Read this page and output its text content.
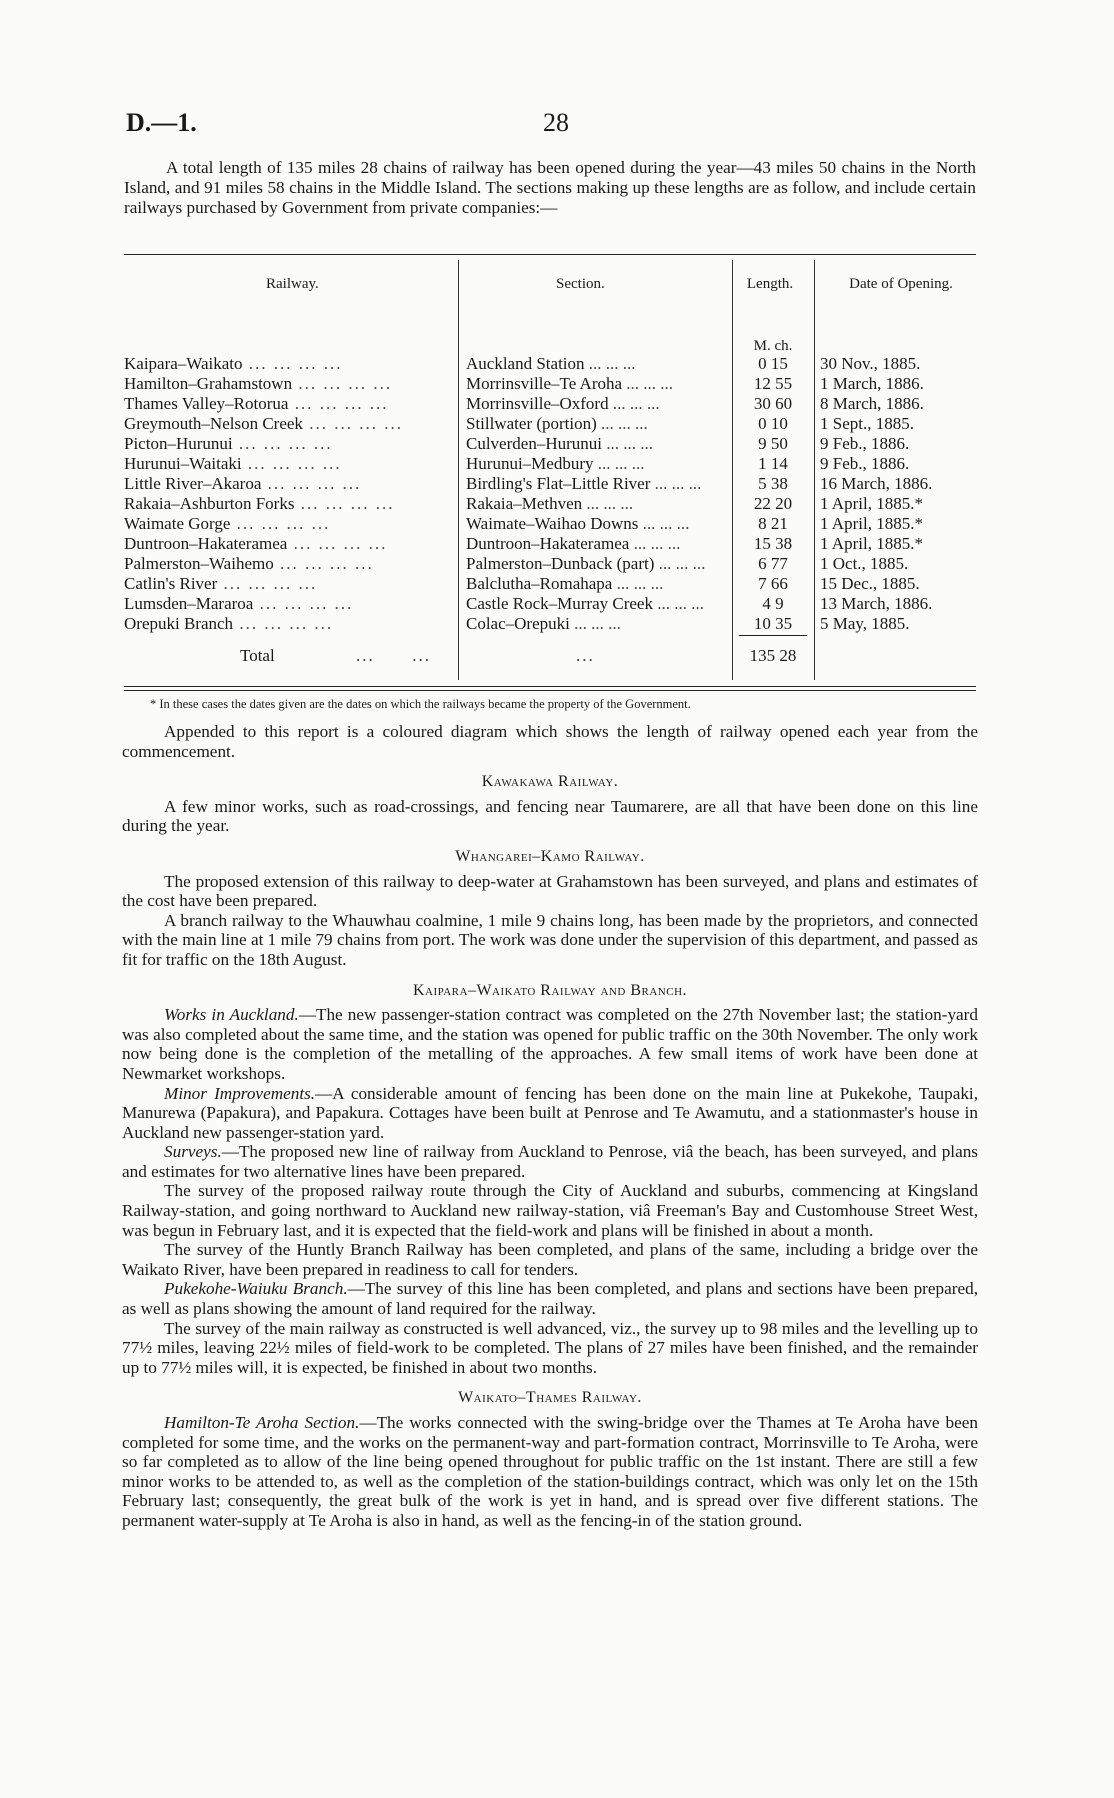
D.—1.	28

A total length of 135 miles 28 chains of railway has been opened during the year—43 miles 50 chains in the North Island, and 91 miles 58 chains in the Middle Island. The sections making up these lengths are as follow, and include certain railways purchased by Government from private companies:—

Railway.	Section.	Length.	Date of Opening.
M. ch.
Kaipara–Waikato ...	Auckland Station ...	0 15	30 Nov., 1885.
Hamilton–Grahamstown ...	Morrinsville–Te Aroha ...	12 55	1 March, 1886.
Thames Valley–Rotorua ...	Morrinsville–Oxford ...	30 60	8 March, 1886.
Greymouth–Nelson Creek ...	Stillwater (portion) ...	0 10	1 Sept., 1885.
Picton–Hurunui ...	Culverden–Hurunui ...	9 50	9 Feb., 1886.
Hurunui–Waitaki ...	Hurunui–Medbury ...	1 14	9 Feb., 1886.
Little River–Akaroa ...	Birdling's Flat–Little River ...	5 38	16 March, 1886.
Rakaia–Ashburton Forks ...	Rakaia–Methven ...	22 20	1 April, 1885.*
Waimate Gorge ...	Waimate–Waihao Downs ...	8 21	1 April, 1885.*
Duntroon–Hakateramea ...	Duntroon–Hakateramea ...	15 38	1 April, 1885.*
Palmerston–Waihemo ...	Palmerston–Dunback (part) ...	6 77	1 Oct., 1885.
Catlin's River ...	Balclutha–Romahapa ...	7 66	15 Dec., 1885.
Lumsden–Mararoa ...	Castle Rock–Murray Creek ...	4 9	13 March, 1886.
Orepuki Branch ...	Colac–Orepuki ...	10 35	5 May, 1885.
Total	...      ...	...	135 28
* In these cases the dates given are the dates on which the railways became the property of the Government.

Appended to this report is a coloured diagram which shows the length of railway opened each year from the commencement.

Kawakawa Railway.

A few minor works, such as road-crossings, and fencing near Taumarere, are all that have been done on this line during the year.

Whangarei–Kamo Railway.

The proposed extension of this railway to deep-water at Grahamstown has been surveyed, and plans and estimates of the cost have been prepared.

A branch railway to the Whauwhau coalmine, 1 mile 9 chains long, has been made by the proprietors, and connected with the main line at 1 mile 79 chains from port. The work was done under the supervision of this department, and passed as fit for traffic on the 18th August.

Kaipara–Waikato Railway and Branch.

Works in Auckland.—The new passenger-station contract was completed on the 27th November last; the station-yard was also completed about the same time, and the station was opened for public traffic on the 30th November. The only work now being done is the completion of the metalling of the approaches. A few small items of work have been done at Newmarket workshops.

Minor Improvements.—A considerable amount of fencing has been done on the main line at Pukekohe, Taupaki, Manurewa (Papakura), and Papakura. Cottages have been built at Penrose and Te Awamutu, and a stationmaster's house in Auckland new passenger-station yard.

Surveys.—The proposed new line of railway from Auckland to Penrose, viâ the beach, has been surveyed, and plans and estimates for two alternative lines have been prepared.

The survey of the proposed railway route through the City of Auckland and suburbs, commencing at Kingsland Railway-station, and going northward to Auckland new railway-station, viâ Freeman's Bay and Customhouse Street West, was begun in February last, and it is expected that the field-work and plans will be finished in about a month.

The survey of the Huntly Branch Railway has been completed, and plans of the same, including a bridge over the Waikato River, have been prepared in readiness to call for tenders.

Pukekohe-Waiuku Branch.—The survey of this line has been completed, and plans and sections have been prepared, as well as plans showing the amount of land required for the railway.

The survey of the main railway as constructed is well advanced, viz., the survey up to 98 miles and the levelling up to 77½ miles, leaving 22½ miles of field-work to be completed. The plans of 27 miles have been finished, and the remainder up to 77½ miles will, it is expected, be finished in about two months.

Waikato–Thames Railway.

Hamilton-Te Aroha Section.—The works connected with the swing-bridge over the Thames at Te Aroha have been completed for some time, and the works on the permanent-way and part-formation contract, Morrinsville to Te Aroha, were so far completed as to allow of the line being opened throughout for public traffic on the 1st instant. There are still a few minor works to be attended to, as well as the completion of the station-buildings contract, which was only let on the 15th February last; consequently, the great bulk of the work is yet in hand, and is spread over five different stations. The permanent water-supply at Te Aroha is also in hand, as well as the fencing-in of the station ground.
